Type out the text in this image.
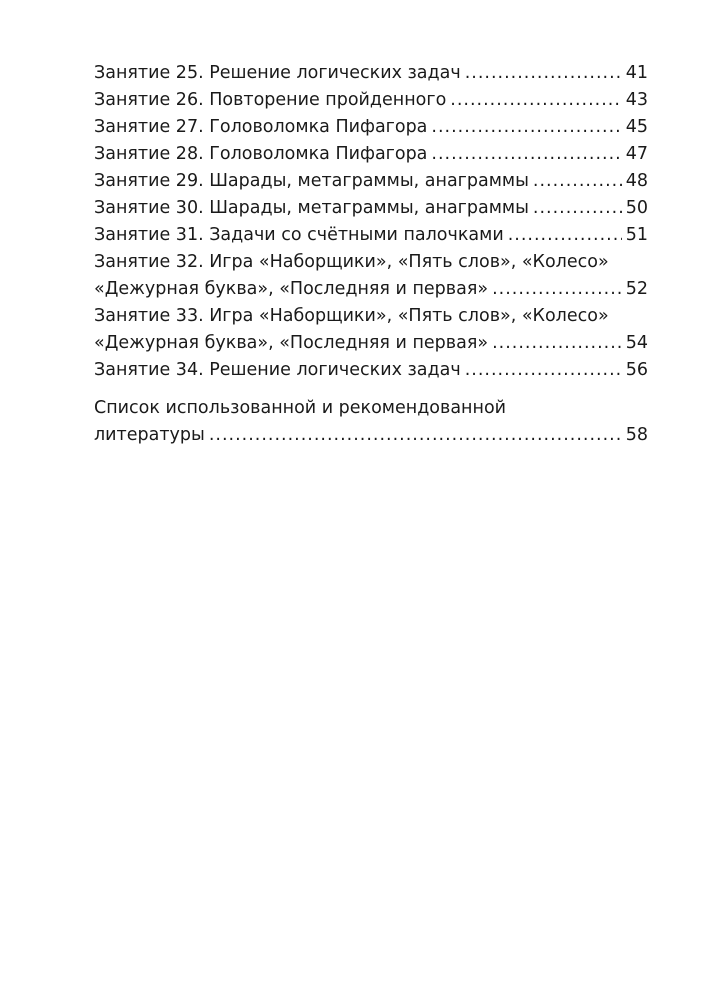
Занятие 25. Решение логических задач .....	41
Занятие 26. Повторение пройденного .....	43
Занятие 27. Головоломка Пифагора .....	45
Занятие 28. Головоломка Пифагора .....	47
Занятие 29. Шарады, метаграммы, анаграммы .....	48
Занятие 30. Шарады, метаграммы, анаграммы .....	50
Занятие 31. Задачи со счётными палочками .....	51
Занятие 32. Игра «Наборщики», «Пять слов», «Колесо»
«Дежурная буква», «Последняя и первая» .....	52
Занятие 33. Игра «Наборщики», «Пять слов», «Колесо»
«Дежурная буква», «Последняя и первая» .....	54
Занятие 34. Решение логических задач .....	56
Список использованной и рекомендованной
литературы .....	58
